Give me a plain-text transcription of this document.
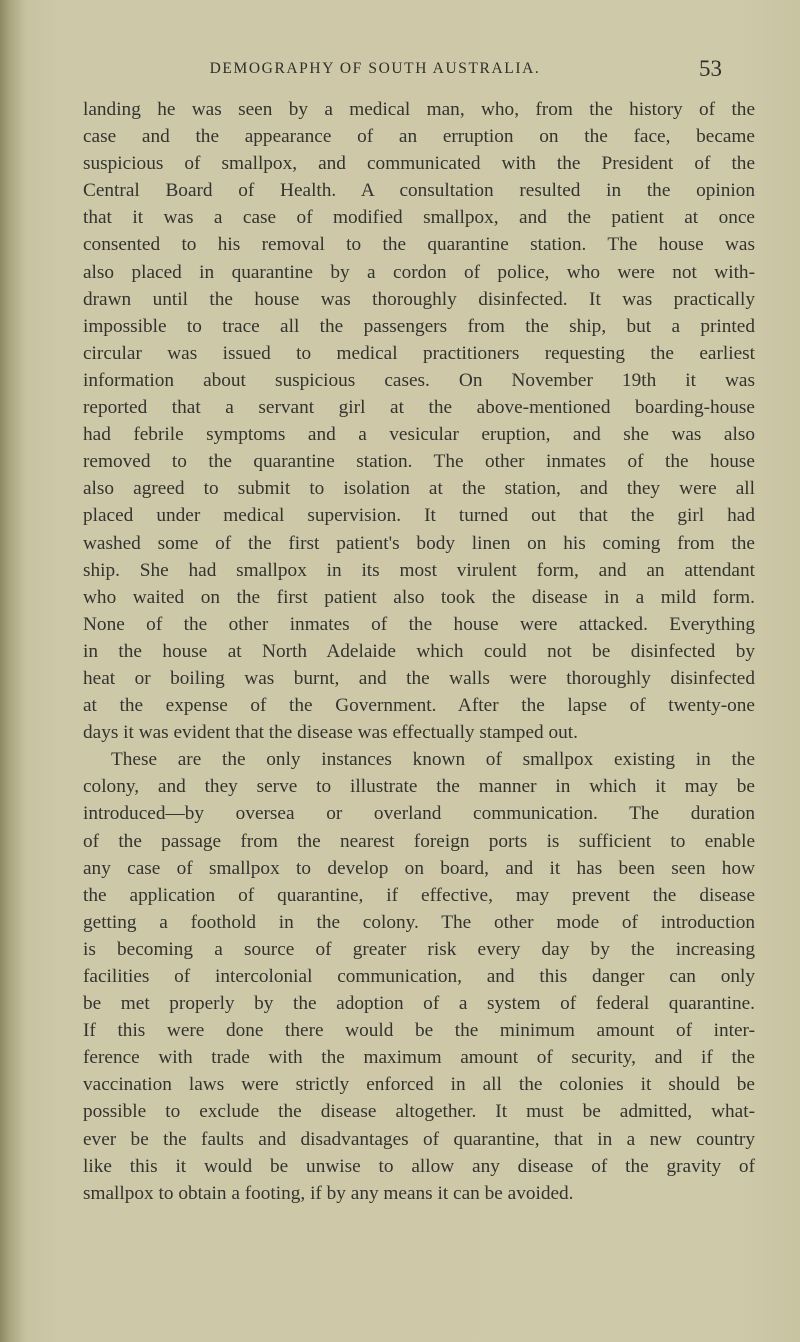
DEMOGRAPHY OF SOUTH AUSTRALIA.	53
landing he was seen by a medical man, who, from the history of the
case and the appearance of an erruption on the face, became
suspicious of smallpox, and communicated with the President of the
Central Board of Health. A consultation resulted in the opinion
that it was a case of modified smallpox, and the patient at once
consented to his removal to the quarantine station. The house was
also placed in quarantine by a cordon of police, who were not with-
drawn until the house was thoroughly disinfected. It was practically
impossible to trace all the passengers from the ship, but a printed
circular was issued to medical practitioners requesting the earliest
information about suspicious cases. On November 19th it was
reported that a servant girl at the above-mentioned boarding-house
had febrile symptoms and a vesicular eruption, and she was also
removed to the quarantine station. The other inmates of the house
also agreed to submit to isolation at the station, and they were all
placed under medical supervision. It turned out that the girl had
washed some of the first patient's body linen on his coming from the
ship. She had smallpox in its most virulent form, and an attendant
who waited on the first patient also took the disease in a mild form.
None of the other inmates of the house were attacked. Everything
in the house at North Adelaide which could not be disinfected by
heat or boiling was burnt, and the walls were thoroughly disinfected
at the expense of the Government. After the lapse of twenty-one
days it was evident that the disease was effectually stamped out.
These are the only instances known of smallpox existing in the
colony, and they serve to illustrate the manner in which it may be
introduced—by oversea or overland communication. The duration
of the passage from the nearest foreign ports is sufficient to enable
any case of smallpox to develop on board, and it has been seen how
the application of quarantine, if effective, may prevent the disease
getting a foothold in the colony. The other mode of introduction
is becoming a source of greater risk every day by the increasing
facilities of intercolonial communication, and this danger can only
be met properly by the adoption of a system of federal quarantine.
If this were done there would be the minimum amount of inter-
ference with trade with the maximum amount of security, and if the
vaccination laws were strictly enforced in all the colonies it should be
possible to exclude the disease altogether. It must be admitted, what-
ever be the faults and disadvantages of quarantine, that in a new country
like this it would be unwise to allow any disease of the gravity of
smallpox to obtain a footing, if by any means it can be avoided.
